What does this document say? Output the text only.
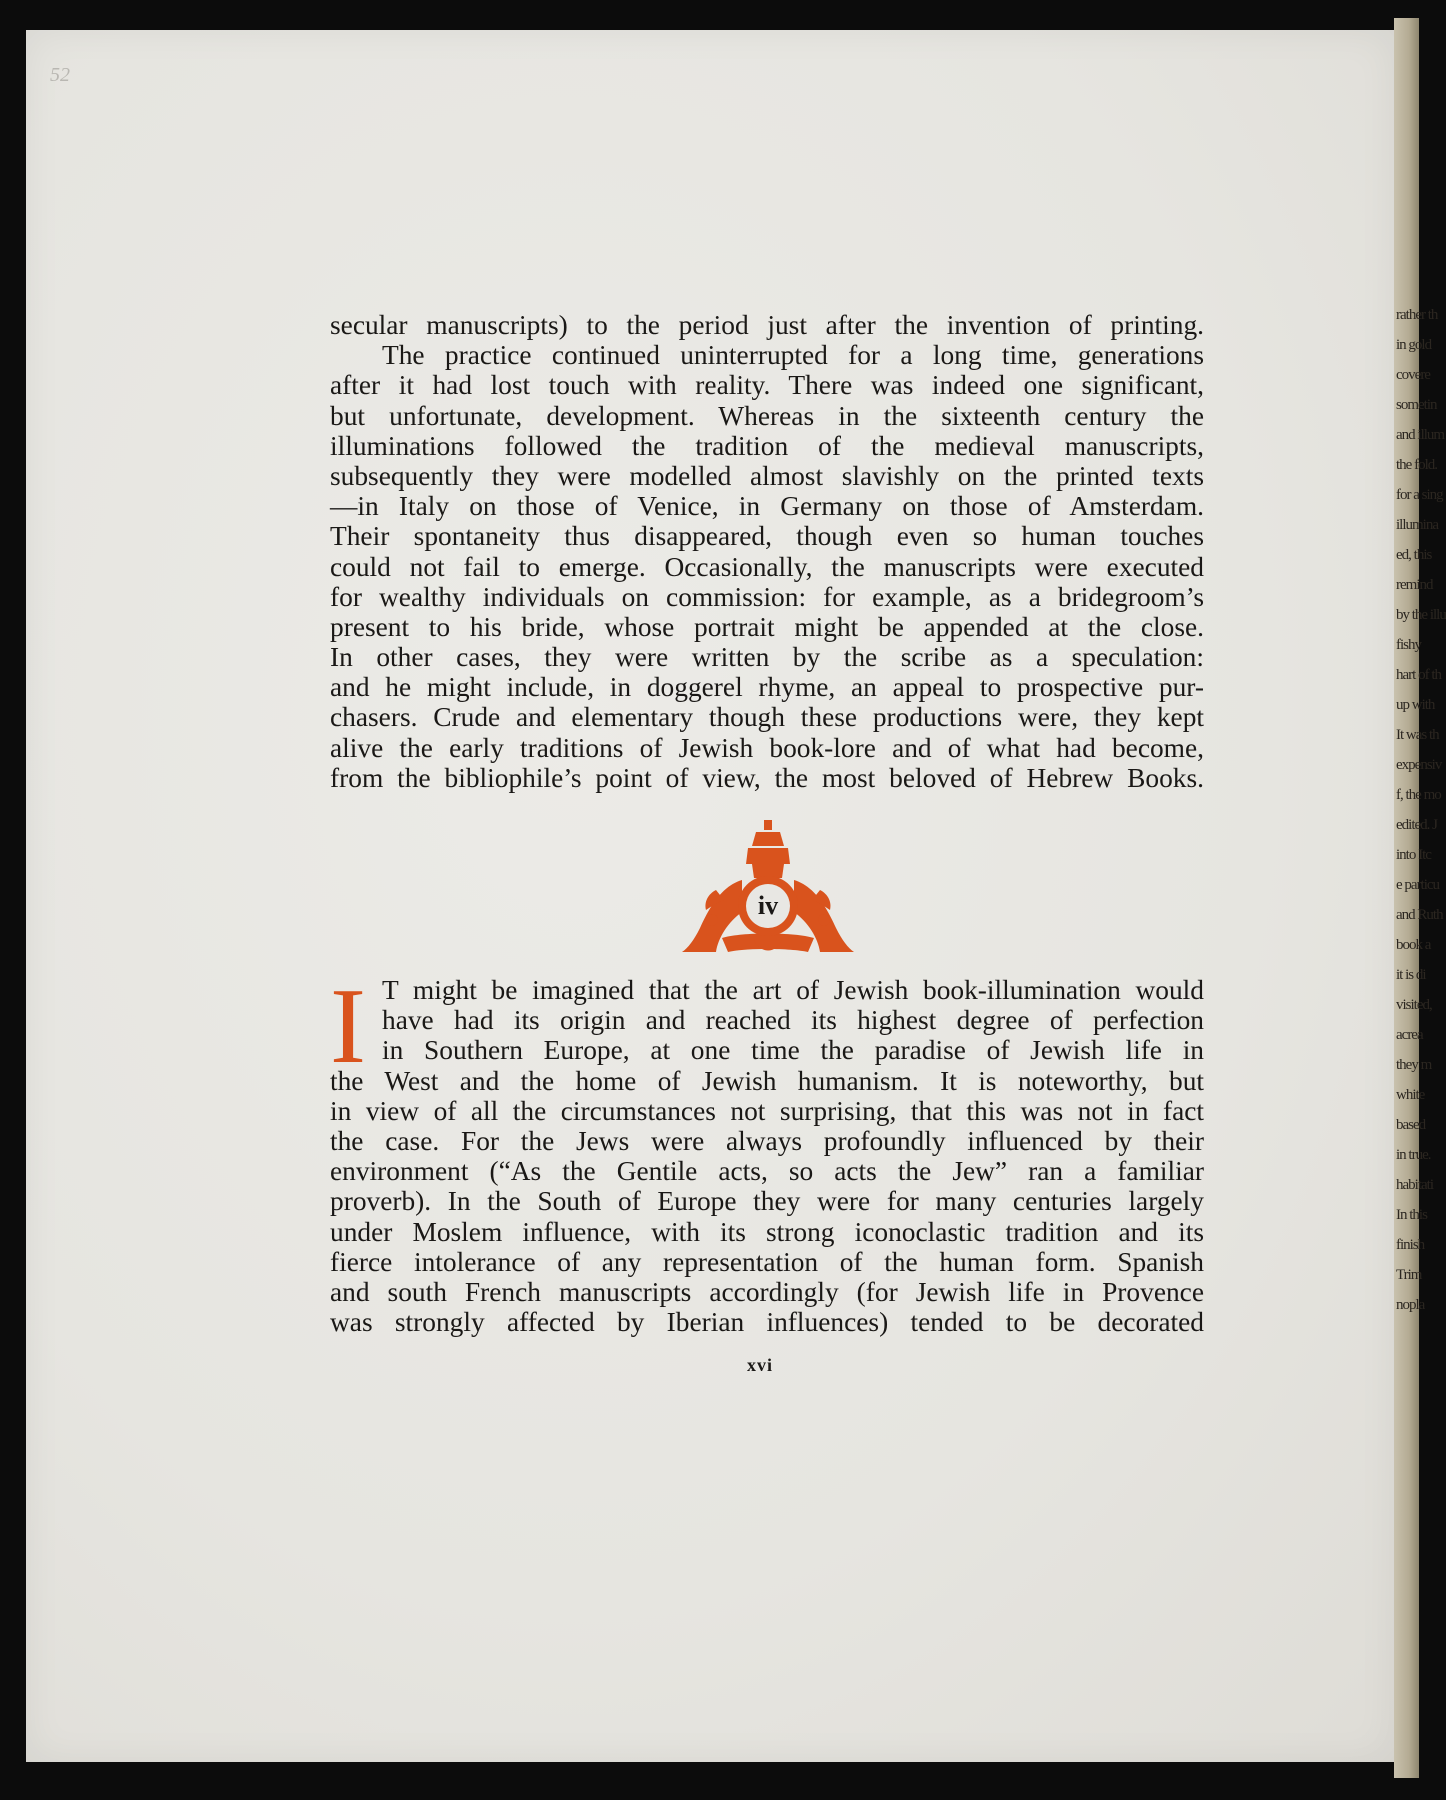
rather th
in gold
covere
sometin
and illum
the fold.
for a sing
illumina
ed, this
remind
by the illu
fishy
hart of th
up with
It was th
expensiv
f, the mo
edited. J
into Itc
e particu
and Ruth
book a
it is di
visited,
acrea
they m
white
based
in true.
habitati
In this
finish
Trim
nopla
52
secular manuscripts) to the period just after the invention of printing.
The practice continued uninterrupted for a long time, generations
after it had lost touch with reality. There was indeed one significant,
but unfortunate, development. Whereas in the sixteenth century the
illuminations followed the tradition of the medieval manuscripts,
subsequently they were modelled almost slavishly on the printed texts
—in Italy on those of Venice, in Germany on those of Amsterdam.
Their spontaneity thus disappeared, though even so human touches
could not fail to emerge. Occasionally, the manuscripts were executed
for wealthy individuals on commission: for example, as a bridegroom’s
present to his bride, whose portrait might be appended at the close.
In other cases, they were written by the scribe as a speculation:
and he might include, in doggerel rhyme, an appeal to prospective pur-
chasers. Crude and elementary though these productions were, they kept
alive the early traditions of Jewish book-lore and of what had become,
from the bibliophile’s point of view, the most beloved of Hebrew Books.
iv
I T might be imagined that the art of Jewish book-illumination would
have had its origin and reached its highest degree of perfection
in Southern Europe, at one time the paradise of Jewish life in
the West and the home of Jewish humanism. It is noteworthy, but
in view of all the circumstances not surprising, that this was not in fact
the case. For the Jews were always profoundly influenced by their
environment (“As the Gentile acts, so acts the Jew” ran a familiar
proverb). In the South of Europe they were for many centuries largely
under Moslem influence, with its strong iconoclastic tradition and its
fierce intolerance of any representation of the human form. Spanish
and south French manuscripts accordingly (for Jewish life in Provence
was strongly affected by Iberian influences) tended to be decorated
xvi
